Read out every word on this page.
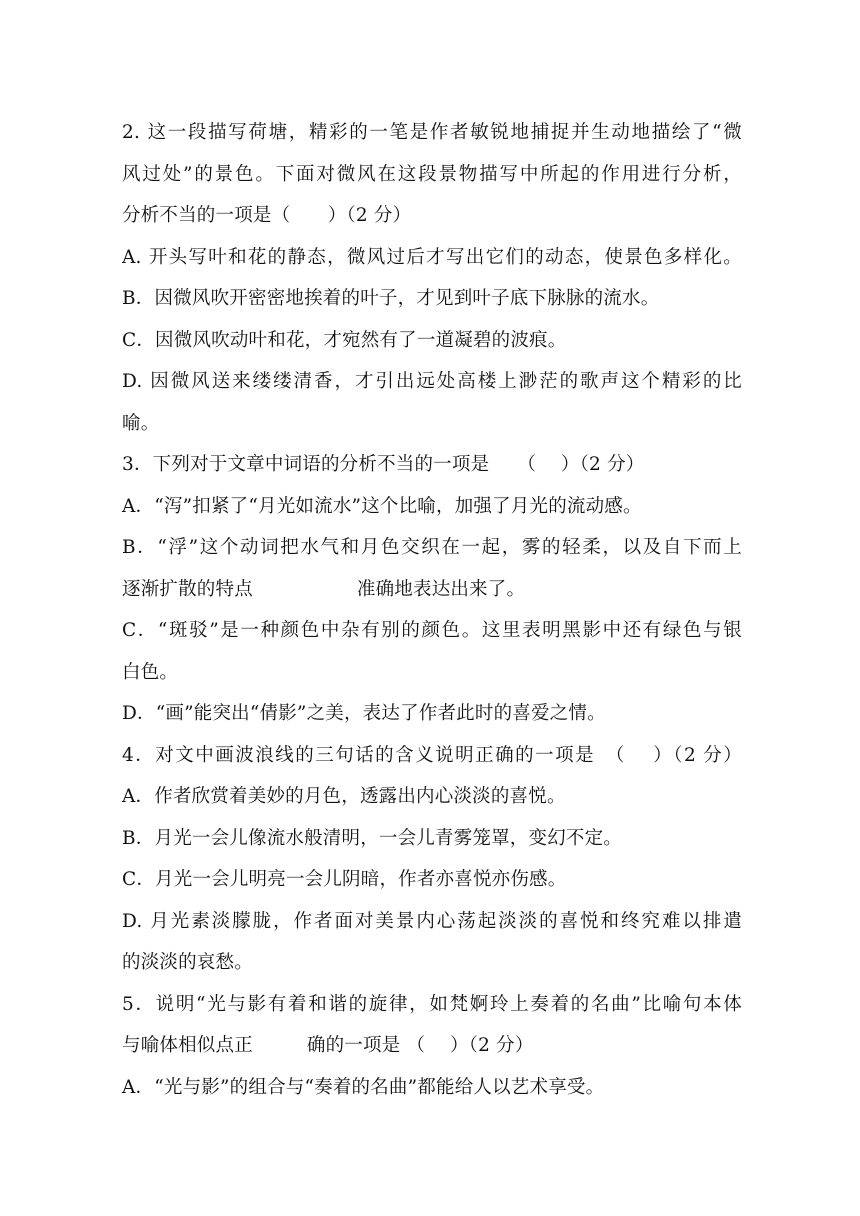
2. 这一段描写荷塘，精彩的一笔是作者敏锐地捕捉并生动地描绘了“微
风过处”的景色。下面对微风在这段景物描写中所起的作用进行分析，
分析不当的一项是（　　）（2 分）
A. 开头写叶和花的静态，微风过后才写出它们的动态，使景色多样化。
B．因微风吹开密密地挨着的叶子，才见到叶子底下脉脉的流水。
C．因微风吹动叶和花，才宛然有了一道凝碧的波痕。
D. 因微风送来缕缕清香，才引出远处高楼上渺茫的歌声这个精彩的比
喻。
3．下列对于文章中词语的分析不当的一项是　　（　 ）（2 分）
A．“泻”扣紧了“月光如流水”这个比喻，加强了月光的流动感。
B．“浮”这个动词把水气和月色交织在一起，雾的轻柔，以及自下而上
逐渐扩散的特点	准确地表达出来了。
C．“斑驳”是一种颜色中杂有别的颜色。这里表明黑影中还有绿色与银
白色。
D．“画”能突出“倩影”之美，表达了作者此时的喜爱之情。
4．对文中画波浪线的三句话的含义说明正确的一项是　（　 ）（2 分）
A．作者欣赏着美妙的月色，透露出内心淡淡的喜悦。
B．月光一会儿像流水般清明，一会儿青雾笼罩，变幻不定。
C．月光一会儿明亮一会儿阴暗，作者亦喜悦亦伤感。
D. 月光素淡朦胧，作者面对美景内心荡起淡淡的喜悦和终究难以排遣
的淡淡的哀愁。
5．说明“光与影有着和谐的旋律，如梵婀玲上奏着的名曲”比喻句本体
与喻体相似点正	确的一项是 （　 ）（2 分）
A．“光与影”的组合与“奏着的名曲”都能给人以艺术享受。
